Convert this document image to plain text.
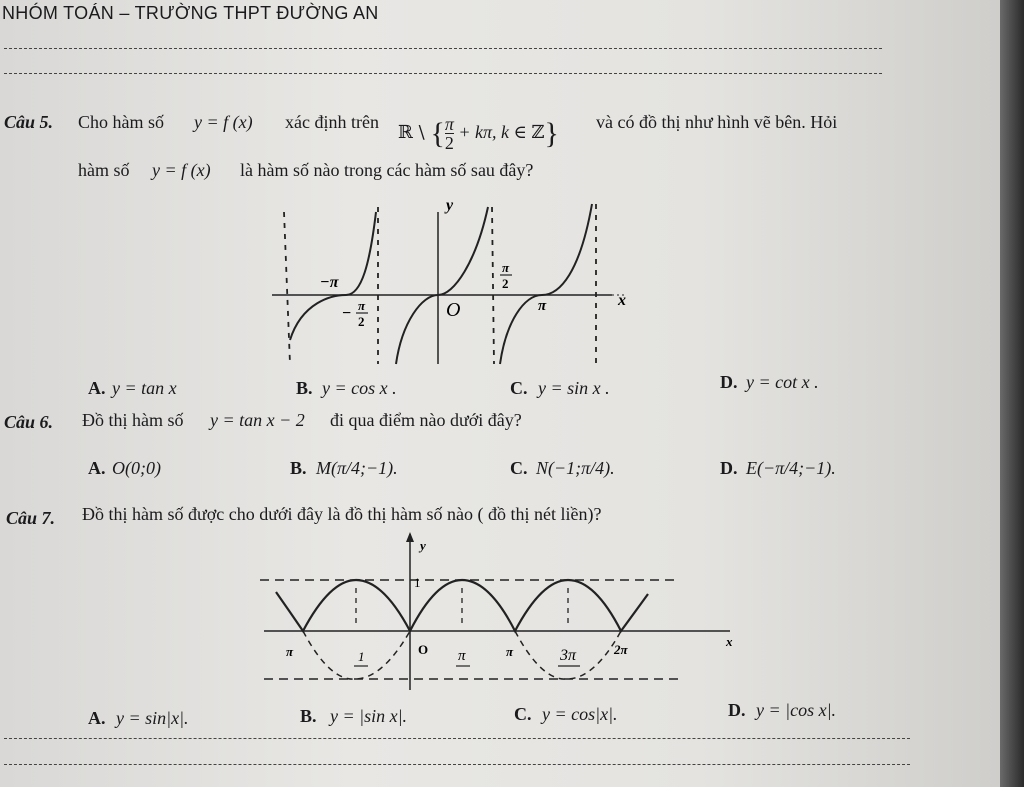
NHÓM TOÁN – TRƯỜNG THPT ĐƯỜNG AN
Câu 5. Cho hàm số y = f (x) xác định trên ℝ \ { $\frac{\pi}{2} + k\pi$, k ∈ ℤ} và có đồ thị như hình vẽ bên. Hỏi
hàm số y = f (x) là hàm số nào trong các hàm số sau đây?
y
x
O
−π
π
− π
2
π
2
A. y = tan x	B. y = cos x .	C. y = sin x .	D. y = cot x .
Câu 6. Đồ thị hàm số y = tan x − 2 đi qua điểm nào dưới đây?
A. O(0;0)	B. M(π/4;−1).	C. N(−1;π/4).	D. E(−π/4;−1).
Câu 7. Đồ thị hàm số được cho dưới đây là đồ thị hàm số nào ( đồ thị nét liền)?
y
x
1
O
π	π	2π
1	π	3π
A. y = sin|x|.	B. y = |sin x|.	C. y = cos|x|.	D. y = |cos x|.
